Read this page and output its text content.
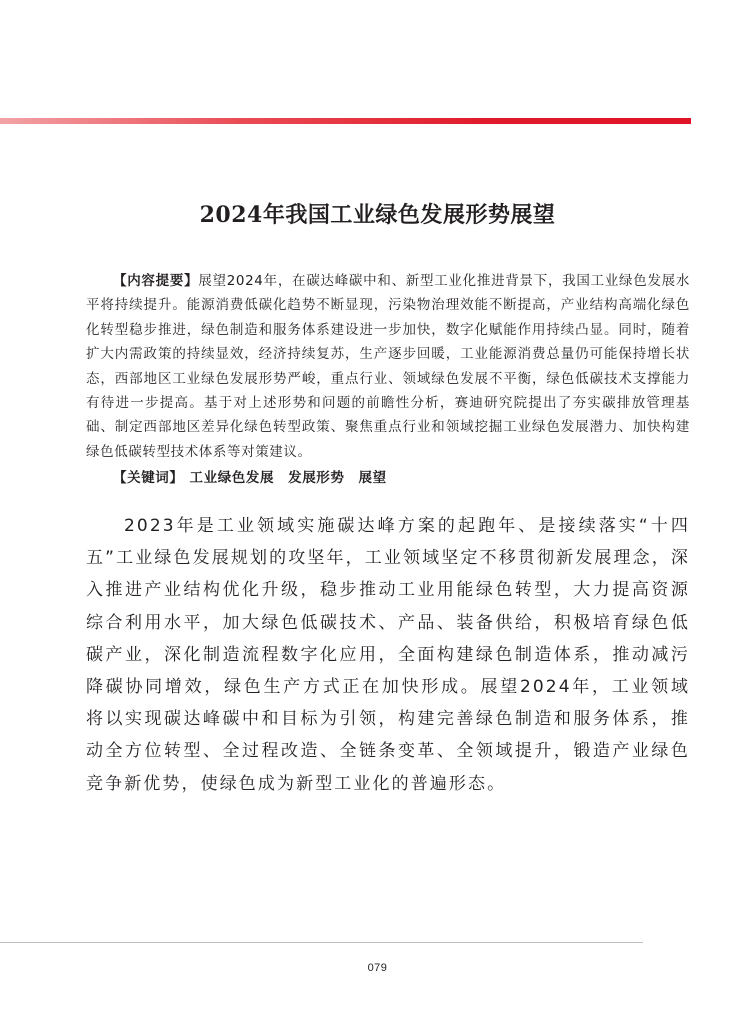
2024年我国工业绿色发展形势展望

【内容提要】展望2024年，在碳达峰碳中和、新型工业化推进背景下，我国工业绿色发展水平将持续提升。能源消费低碳化趋势不断显现，污染物治理效能不断提高，产业结构高端化绿色化转型稳步推进，绿色制造和服务体系建设进一步加快，数字化赋能作用持续凸显。同时，随着扩大内需政策的持续显效，经济持续复苏，生产逐步回暖，工业能源消费总量仍可能保持增长状态，西部地区工业绿色发展形势严峻，重点行业、领域绿色发展不平衡，绿色低碳技术支撑能力有待进一步提高。基于对上述形势和问题的前瞻性分析，赛迪研究院提出了夯实碳排放管理基础、制定西部地区差异化绿色转型政策、聚焦重点行业和领域挖掘工业绿色发展潜力、加快构建绿色低碳转型技术体系等对策建议。

【关键词】 工业绿色发展 发展形势 展望

2023年是工业领域实施碳达峰方案的起跑年、是接续落实“十四五”工业绿色发展规划的攻坚年，工业领域坚定不移贯彻新发展理念，深入推进产业结构优化升级，稳步推动工业用能绿色转型，大力提高资源综合利用水平，加大绿色低碳技术、产品、装备供给，积极培育绿色低碳产业，深化制造流程数字化应用，全面构建绿色制造体系，推动减污降碳协同增效，绿色生产方式正在加快形成。展望2024年，工业领域将以实现碳达峰碳中和目标为引领，构建完善绿色制造和服务体系，推动全方位转型、全过程改造、全链条变革、全领域提升，锻造产业绿色竞争新优势，使绿色成为新型工业化的普遍形态。

079
